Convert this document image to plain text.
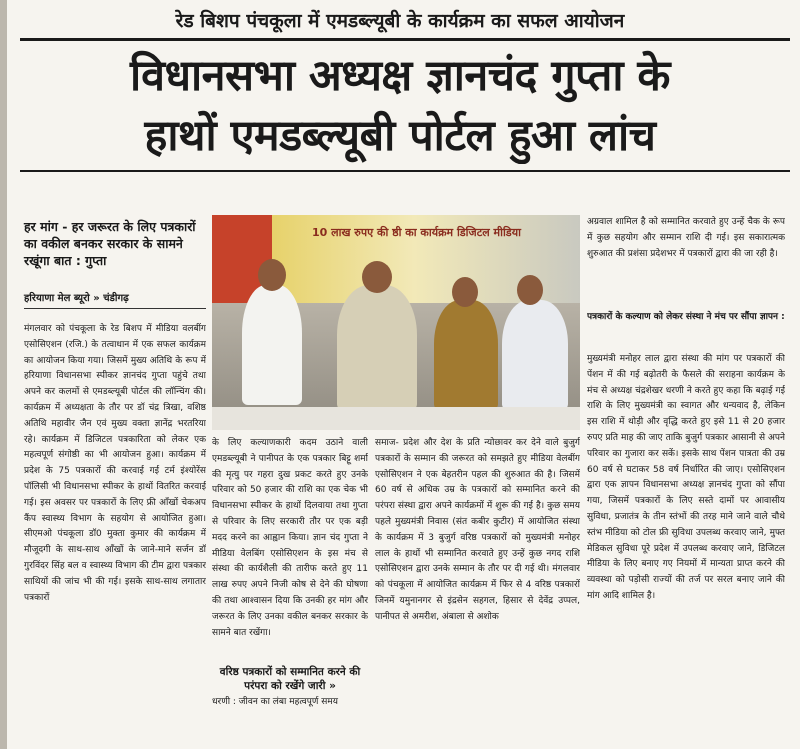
रेड बिशप पंचकूला में एमडब्ल्यूबी के कार्यक्रम का सफल आयोजन
विधानसभा अध्यक्ष ज्ञानचंद गुप्ता के
हाथों एमडब्ल्यूबी पोर्टल हुआ लांच
हर मांग - हर जरूरत के लिए पत्रकारों का वकील बनकर सरकार के सामने रखूंगा बात : गुप्ता
हरियाणा मेल ब्यूरो » चंडीगढ़
10 लाख रुपए की ष्ठी का कार्यक्रम डिजिटल मीडिया

मंगलवार को पंचकूला के रेड बिशप में मीडिया वलबींग एसोसिएशन (रजि.) के तत्वाधान में एक सफल कार्यक्रम का आयोजन किया गया। जिसमें मुख्य अतिथि के रूप में हरियाणा विधानसभा स्पीकर ज्ञानचंद गुप्ता पहुंचे तथा अपने कर कलमों से एमडब्ल्यूबी पोर्टल की लॉन्चिंग की। कार्यक्रम में अध्यक्षता के तौर पर डॉ चंद्र त्रिखा, वशिष्ठ अतिथि महावीर जैन एवं मुख्य वक्ता ज्ञानेंद्र भरतरिया रहे। कार्यक्रम में डिजिटल पत्रकारिता को लेकर एक महत्वपूर्ण संगोष्ठी का भी आयोजन हुआ। कार्यक्रम में प्रदेश के 75 पत्रकारों की करवाई गई टर्म इंश्योरेंस पॉलिसी भी विधानसभा स्पीकर के हाथों वितरित करवाई गई। इस अवसर पर पत्रकारों के लिए फ्री आँखों चेकअप कैंप स्वास्थ्य विभाग के सहयोग से आयोजित हुआ। सीएमओ पंचकूला डॉ0 मुक्ता कुमार की कार्यक्रम में मौजूदगी के साथ-साथ आँखों के जाने-माने सर्जन डॉ गुरविंदर सिंह बल व स्वास्थ्य विभाग की टीम द्वारा पत्रकार साथियों की जांच भी की गई। इसके साथ-साथ लगातार पत्रकारों

के लिए कल्याणकारी कदम उठाने वाली एमडब्ल्यूबी ने पानीपत के एक पत्रकार बिट्टू शर्मा की मृत्यु पर गहरा दुख प्रकट करते हुए उनके परिवार को 50 हजार की राशि का एक चेक भी विधानसभा स्पीकर के हाथों दिलवाया तथा गुप्ता से परिवार के लिए सरकारी तौर पर एक बड़ी मदद करने का आह्वान किया। ज्ञान चंद गुप्ता ने मीडिया वेलबिंग एसोसिएशन के इस मंच से संस्था की कार्यशैली की तारीफ करते हुए 11 लाख रुपए अपने निजी कोष से देने की घोषणा की तथा आश्वासन दिया कि उनकी हर मांग और जरूरत के लिए उनका वकील बनकर सरकार के सामने बात रखेंगा।

वरिष्ठ पत्रकारों को सम्मानित करने की परंपरा को रखेंगे जारी »

धरणी : जीवन का लंबा महत्वपूर्ण समय

समाज- प्रदेश और देश के प्रति न्योछावर कर देने वाले बुजुर्ग पत्रकारों के सम्मान की जरूरत को समझते हुए मीडिया वेलबींग एसोसिएशन ने एक बेहतरीन पहल की शुरुआत की है। जिसमें 60 वर्ष से अधिक उम्र के पत्रकारों को सम्मानित करने की परंपरा संस्था द्वारा अपने कार्यक्रमों में शुरू की गई है। कुछ समय पहले मुख्यमंत्री निवास (संत कबीर कुटीर) में आयोजित संस्था के कार्यक्रम में 3 बुजुर्ग वरिष्ठ पत्रकारों को मुख्यमंत्री मनोहर लाल के हाथों भी सम्मानित करवाते हुए उन्हें कुछ नगद राशि एसोसिएशन द्वारा उनके सम्मान के तौर पर दी गई थी। मंगलवार को पंचकूला में आयोजित कार्यक्रम में फिर से 4 वरिष्ठ पत्रकारों जिनमें यमुनानगर से इंद्रसेन सहगल, हिसार से देवेंद्र उप्पल, पानीपत से अमरीश, अंबाला से अशोक

अग्रवाल शामिल है को सम्मानित करवाते हुए उन्हें चैक के रूप में कुछ सहयोग और सम्मान राशि दी गई। इस सकारात्मक शुरुआत की प्रशंसा प्रदेशभर में पत्रकारों द्वारा की जा रही है।

पत्रकारों के कल्याण को लेकर संस्था ने मंच पर सौंपा ज्ञापन :

मुख्यमंत्री मनोहर लाल द्वारा संस्था की मांग पर पत्रकारों की पेंशन में की गई बढ़ोतरी के फैसले की सराहना कार्यक्रम के मंच से अध्यक्ष चंद्रशेखर धरणी ने करते हुए कहा कि बढ़ाई गई राशि के लिए मुख्यमंत्री का स्वागत और धन्यवाद है, लेकिन इस राशि में थोड़ी और वृद्धि करते हुए इसे 11 से 20 हजार रुपए प्रति माह की जाए ताकि बुजुर्ग पत्रकार आसानी से अपने परिवार का गुजारा कर सकें। इसके साथ पेंशन पात्रता की उम्र 60 वर्ष से घटाकर 58 वर्ष निर्धारित की जाए। एसोसिएशन द्वारा एक ज्ञापन विधानसभा अध्यक्ष ज्ञानचंद गुप्ता को सौंपा गया, जिसमें पत्रकारों के लिए सस्ते दामों पर आवासीय सुविधा, प्रजातंत्र के तीन स्तंभों की तरह माने जाने वाले चौथे स्तंभ मीडिया को टोल फ्री सुविधा उपलब्ध करवाए जाने, मुफ्त मेडिकल सुविधा पूरे प्रदेश में उपलब्ध करवाए जाने, डिजिटल मीडिया के लिए बनाए गए नियमों में मान्यता प्राप्त करने की व्यवस्था को पड़ोसी राज्यों की तर्ज पर सरल बनाए जाने की मांग आदि शामिल है।
